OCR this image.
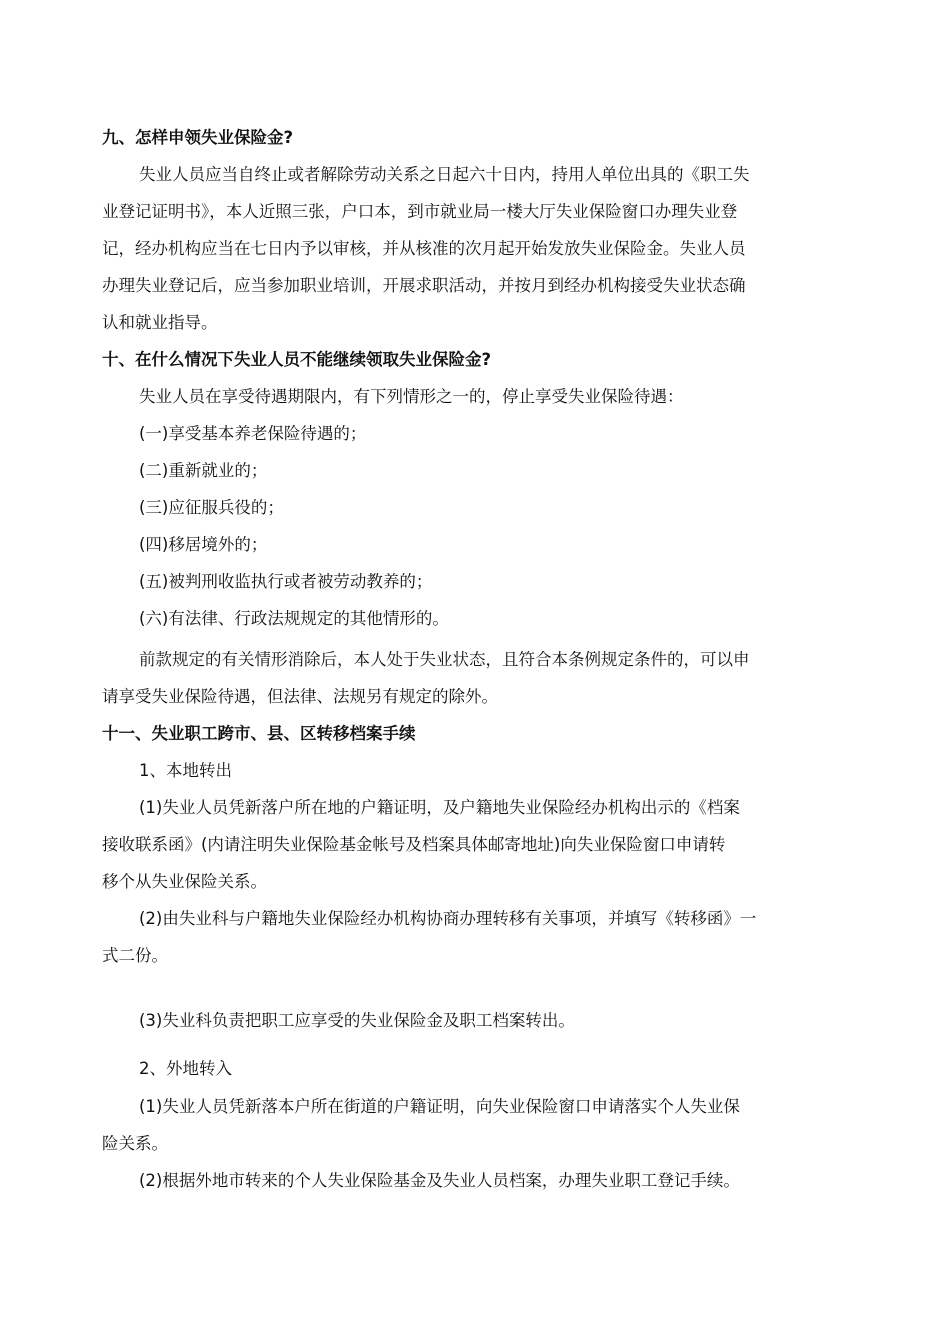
九、怎样申领失业保险金?
失业人员应当自终止或者解除劳动关系之日起六十日内，持用人单位出具的《职工失
业登记证明书》，本人近照三张，户口本，到市就业局一楼大厅失业保险窗口办理失业登
记，经办机构应当在七日内予以审核，并从核准的次月起开始发放失业保险金。失业人员
办理失业登记后，应当参加职业培训，开展求职活动，并按月到经办机构接受失业状态确
认和就业指导。
十、在什么情况下失业人员不能继续领取失业保险金?
失业人员在享受待遇期限内，有下列情形之一的，停止享受失业保险待遇：
(一)享受基本养老保险待遇的；
(二)重新就业的；
(三)应征服兵役的；
(四)移居境外的；
(五)被判刑收监执行或者被劳动教养的；
(六)有法律、行政法规规定的其他情形的。
前款规定的有关情形消除后，本人处于失业状态，且符合本条例规定条件的，可以申
请享受失业保险待遇，但法律、法规另有规定的除外。
十一、失业职工跨市、县、区转移档案手续
1、本地转出
(1)失业人员凭新落户所在地的户籍证明，及户籍地失业保险经办机构出示的《档案
接收联系函》(内请注明失业保险基金帐号及档案具体邮寄地址)向失业保险窗口申请转
移个从失业保险关系。
(2)由失业科与户籍地失业保险经办机构协商办理转移有关事项，并填写《转移函》一
式二份。
(3)失业科负责把职工应享受的失业保险金及职工档案转出。
2、外地转入
(1)失业人员凭新落本户所在街道的户籍证明，向失业保险窗口申请落实个人失业保
险关系。
(2)根据外地市转来的个人失业保险基金及失业人员档案，办理失业职工登记手续。
